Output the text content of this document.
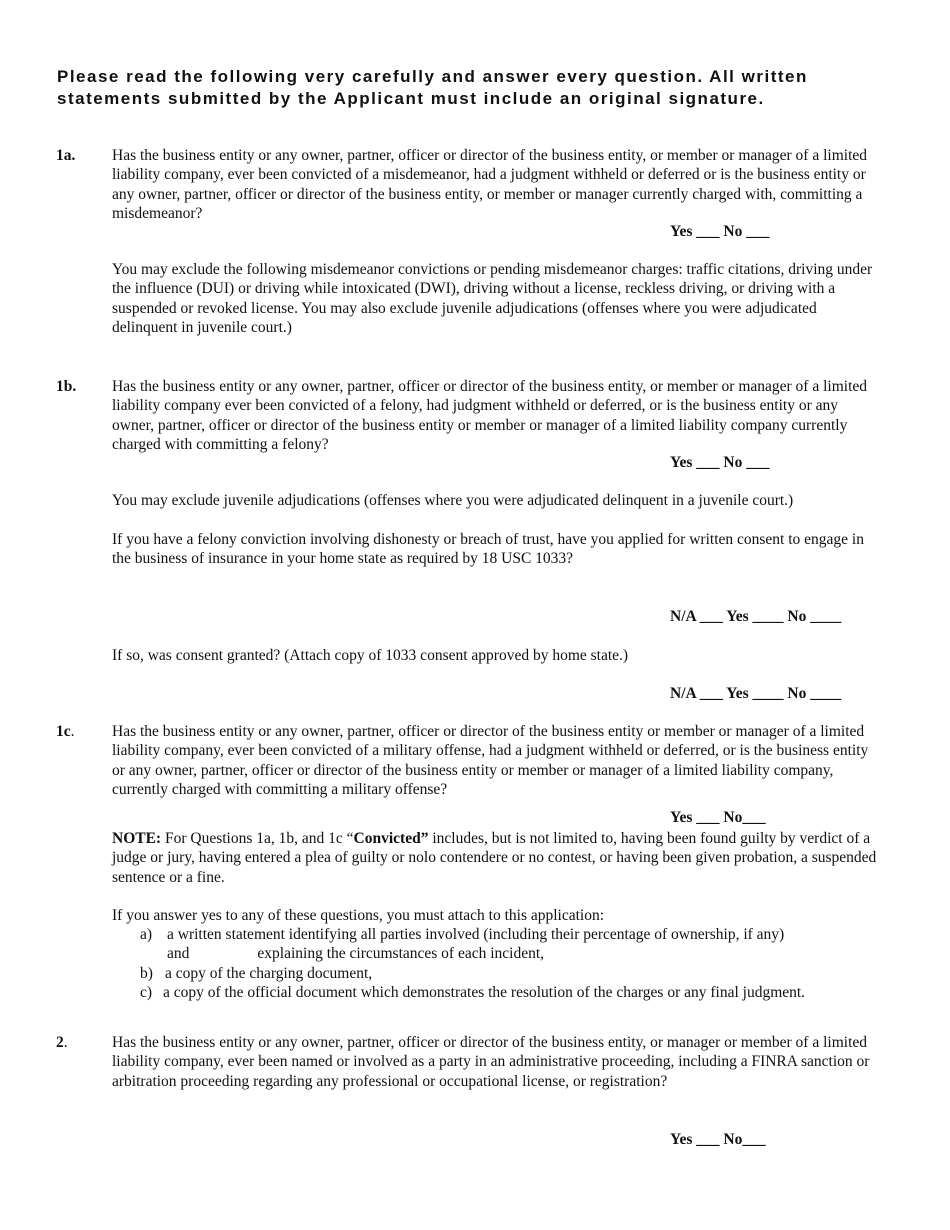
Please read the following very carefully and answer every question. All written statements submitted by the Applicant must include an original signature.

1a. Has the business entity or any owner, partner, officer or director of the business entity, or member or manager of a limited liability company, ever been convicted of a misdemeanor, had a judgment withheld or deferred or is the business entity or any owner, partner, officer or director of the business entity, or member or manager currently charged with, committing a misdemeanor?

Yes ___ No ___

You may exclude the following misdemeanor convictions or pending misdemeanor charges: traffic citations, driving under the influence (DUI) or driving while intoxicated (DWI), driving without a license, reckless driving, or driving with a suspended or revoked license. You may also exclude juvenile adjudications (offenses where you were adjudicated delinquent in juvenile court.)

1b. Has the business entity or any owner, partner, officer or director of the business entity, or member or manager of a limited liability company ever been convicted of a felony, had judgment withheld or deferred, or is the business entity or any owner, partner, officer or director of the business entity or member or manager of a limited liability company currently charged with committing a felony?

Yes ___ No ___

You may exclude juvenile adjudications (offenses where you were adjudicated delinquent in a juvenile court.)

If you have a felony conviction involving dishonesty or breach of trust, have you applied for written consent to engage in the business of insurance in your home state as required by 18 USC 1033?

N/A ___ Yes ____ No ____

If so, was consent granted? (Attach copy of 1033 consent approved by home state.)

N/A ___ Yes ____ No ____
1c. Has the business entity or any owner, partner, officer or director of the business entity or member or manager of a limited liability company, ever been convicted of a military offense, had a judgment withheld or deferred, or is the business entity or any owner, partner, officer or director of the business entity or member or manager of a limited liability company, currently charged with committing a military offense?

Yes ___ No___

NOTE: For Questions 1a, 1b, and 1c “Convicted” includes, but is not limited to, having been found guilty by verdict of a judge or jury, having entered a plea of guilty or nolo contendere or no contest, or having been given probation, a suspended sentence or a fine.

If you answer yes to any of these questions, you must attach to this application:

a) a written statement identifying all parties involved (including their percentage of ownership, if any)
and	explaining the circumstances of each incident,
b) a copy of the charging document,
c) a copy of the official document which demonstrates the resolution of the charges or any final judgment.
2.	Has the business entity or any owner, partner, officer or director of the business entity, or manager or member of a limited liability company, ever been named or involved as a party in an administrative proceeding, including a FINRA sanction or arbitration proceeding regarding any professional or occupational license, or registration?

Yes ___ No___
